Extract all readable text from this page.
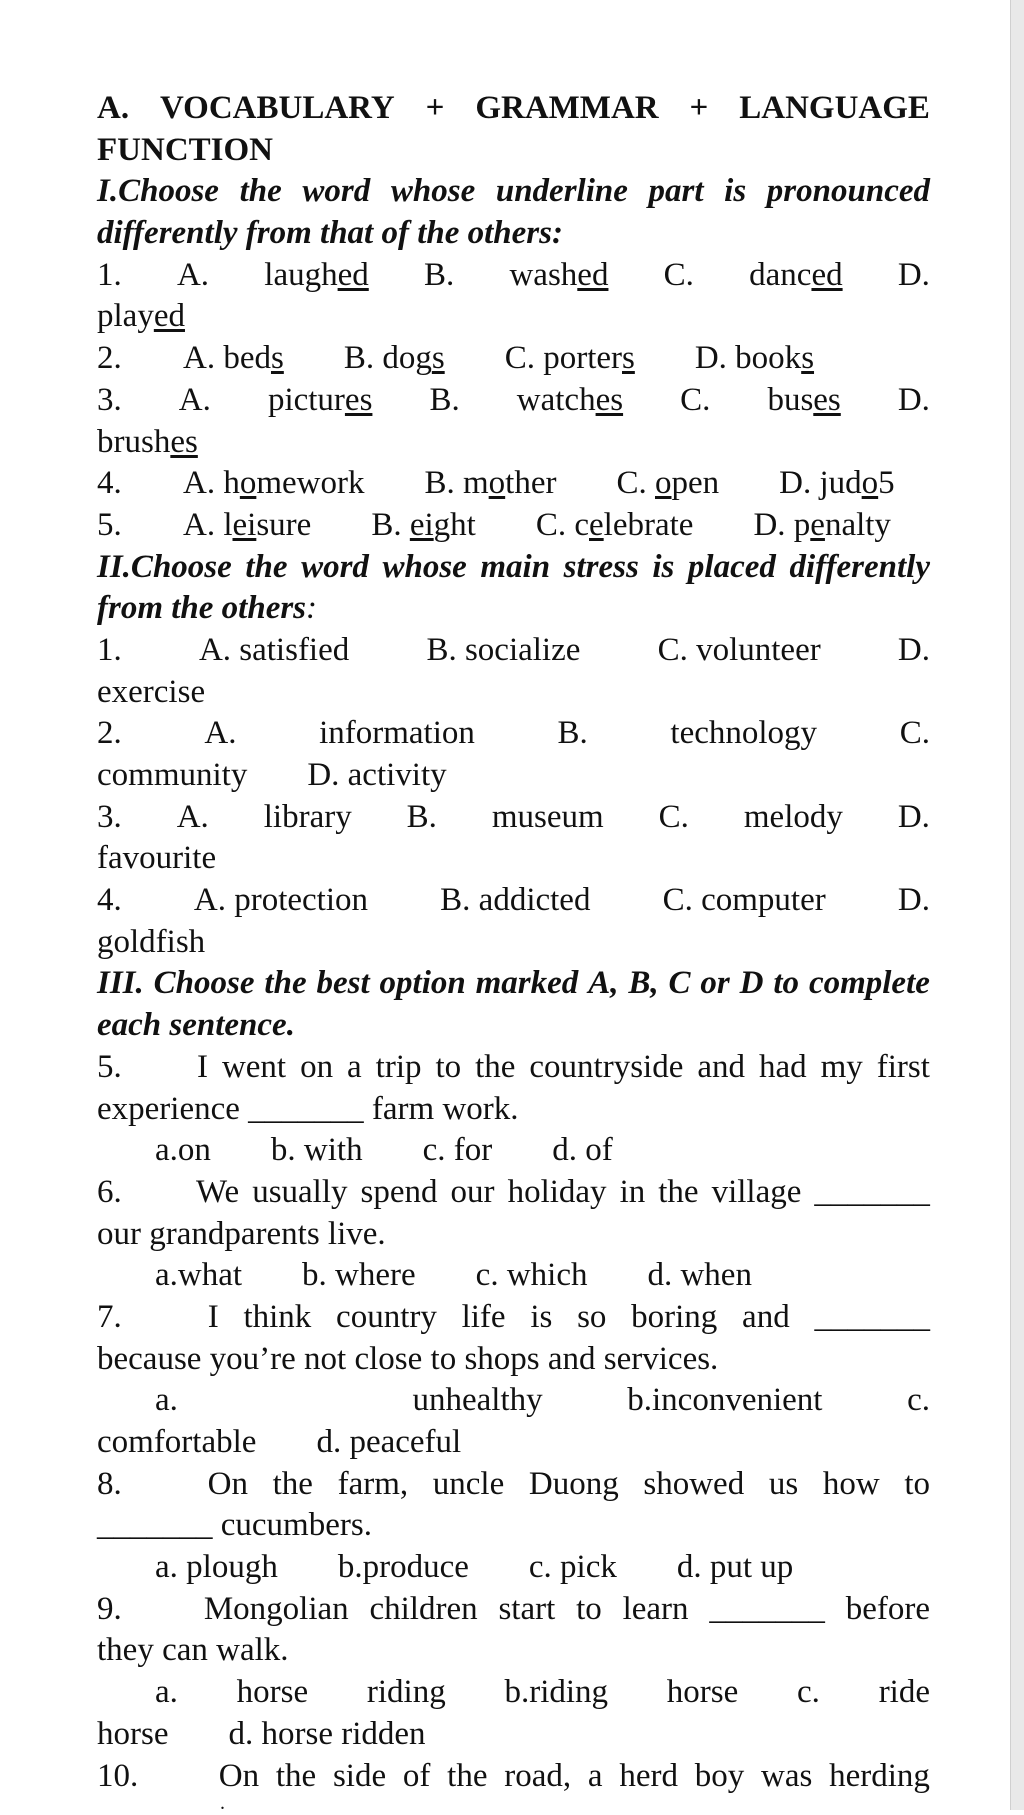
A. VOCABULARY + GRAMMAR + LANGUAGE
FUNCTION
I.Choose the word whose underline part is pronounced
differently from that of the others:
1. A. laughed B. washed C. danced D.
played
2. A. beds B. dogs C. porters D. books
3. A. pictures B. watches C. buses D.
brushes
4. A. homework B. mother C. open D. judo5
5. A. leisure B. eight C. celebrate D. penalty
II.Choose the word whose main stress is placed differently
from the others:
1. A. satisfied B. socialize C. volunteer D.
exercise
2.	A.	information	B.	technology	C.
community D. activity
3. A. library B. museum C. melody D.
favourite
4. A. protection B. addicted C. computer D.
goldfish
III. Choose the best option marked A, B, C or D to complete
each sentence.
5.	I went on a trip to the countryside and had my first
experience _______ farm work.
a.on b. with c. for d. of
6.	We usually spend our holiday in the village _______
our grandparents live.
a.what b. where c. which d. when
7.	I think country life is so boring and _______
because you’re not close to shops and services.
a.	unhealthy	b.inconvenient	c.
comfortable d. peaceful
8.	On the farm, uncle Duong showed us how to
_______ cucumbers.
a. plough b.produce c. pick d. put up
9.	Mongolian children start to learn _______ before
they can walk.
a. horse riding b.riding horse c. ride
horse d. horse ridden
10.	On the side of the road, a herd boy was herding
.
